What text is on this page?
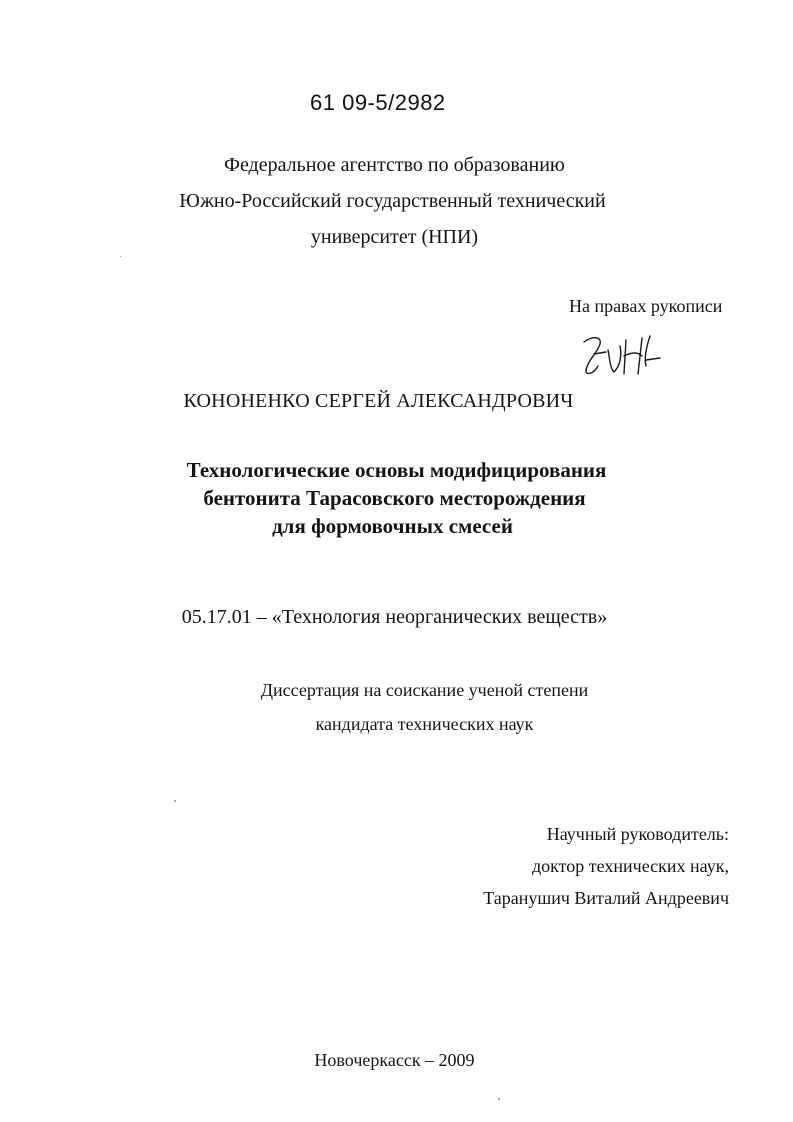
61 09-5/2982
Федеральное агентство по образованию
Южно-Российский государственный технический
университет (НПИ)
На правах рукописи
КОНОНЕНКО СЕРГЕЙ АЛЕКСАНДРОВИЧ
Технологические основы модифицирования
бентонита Тарасовского месторождения
для формовочных смесей
05.17.01 – «Технология неорганических веществ»
Диссертация на соискание ученой степени
кандидата технических наук
Научный руководитель:
доктор технических наук,
Таранушич Виталий Андреевич
Новочеркасск – 2009
